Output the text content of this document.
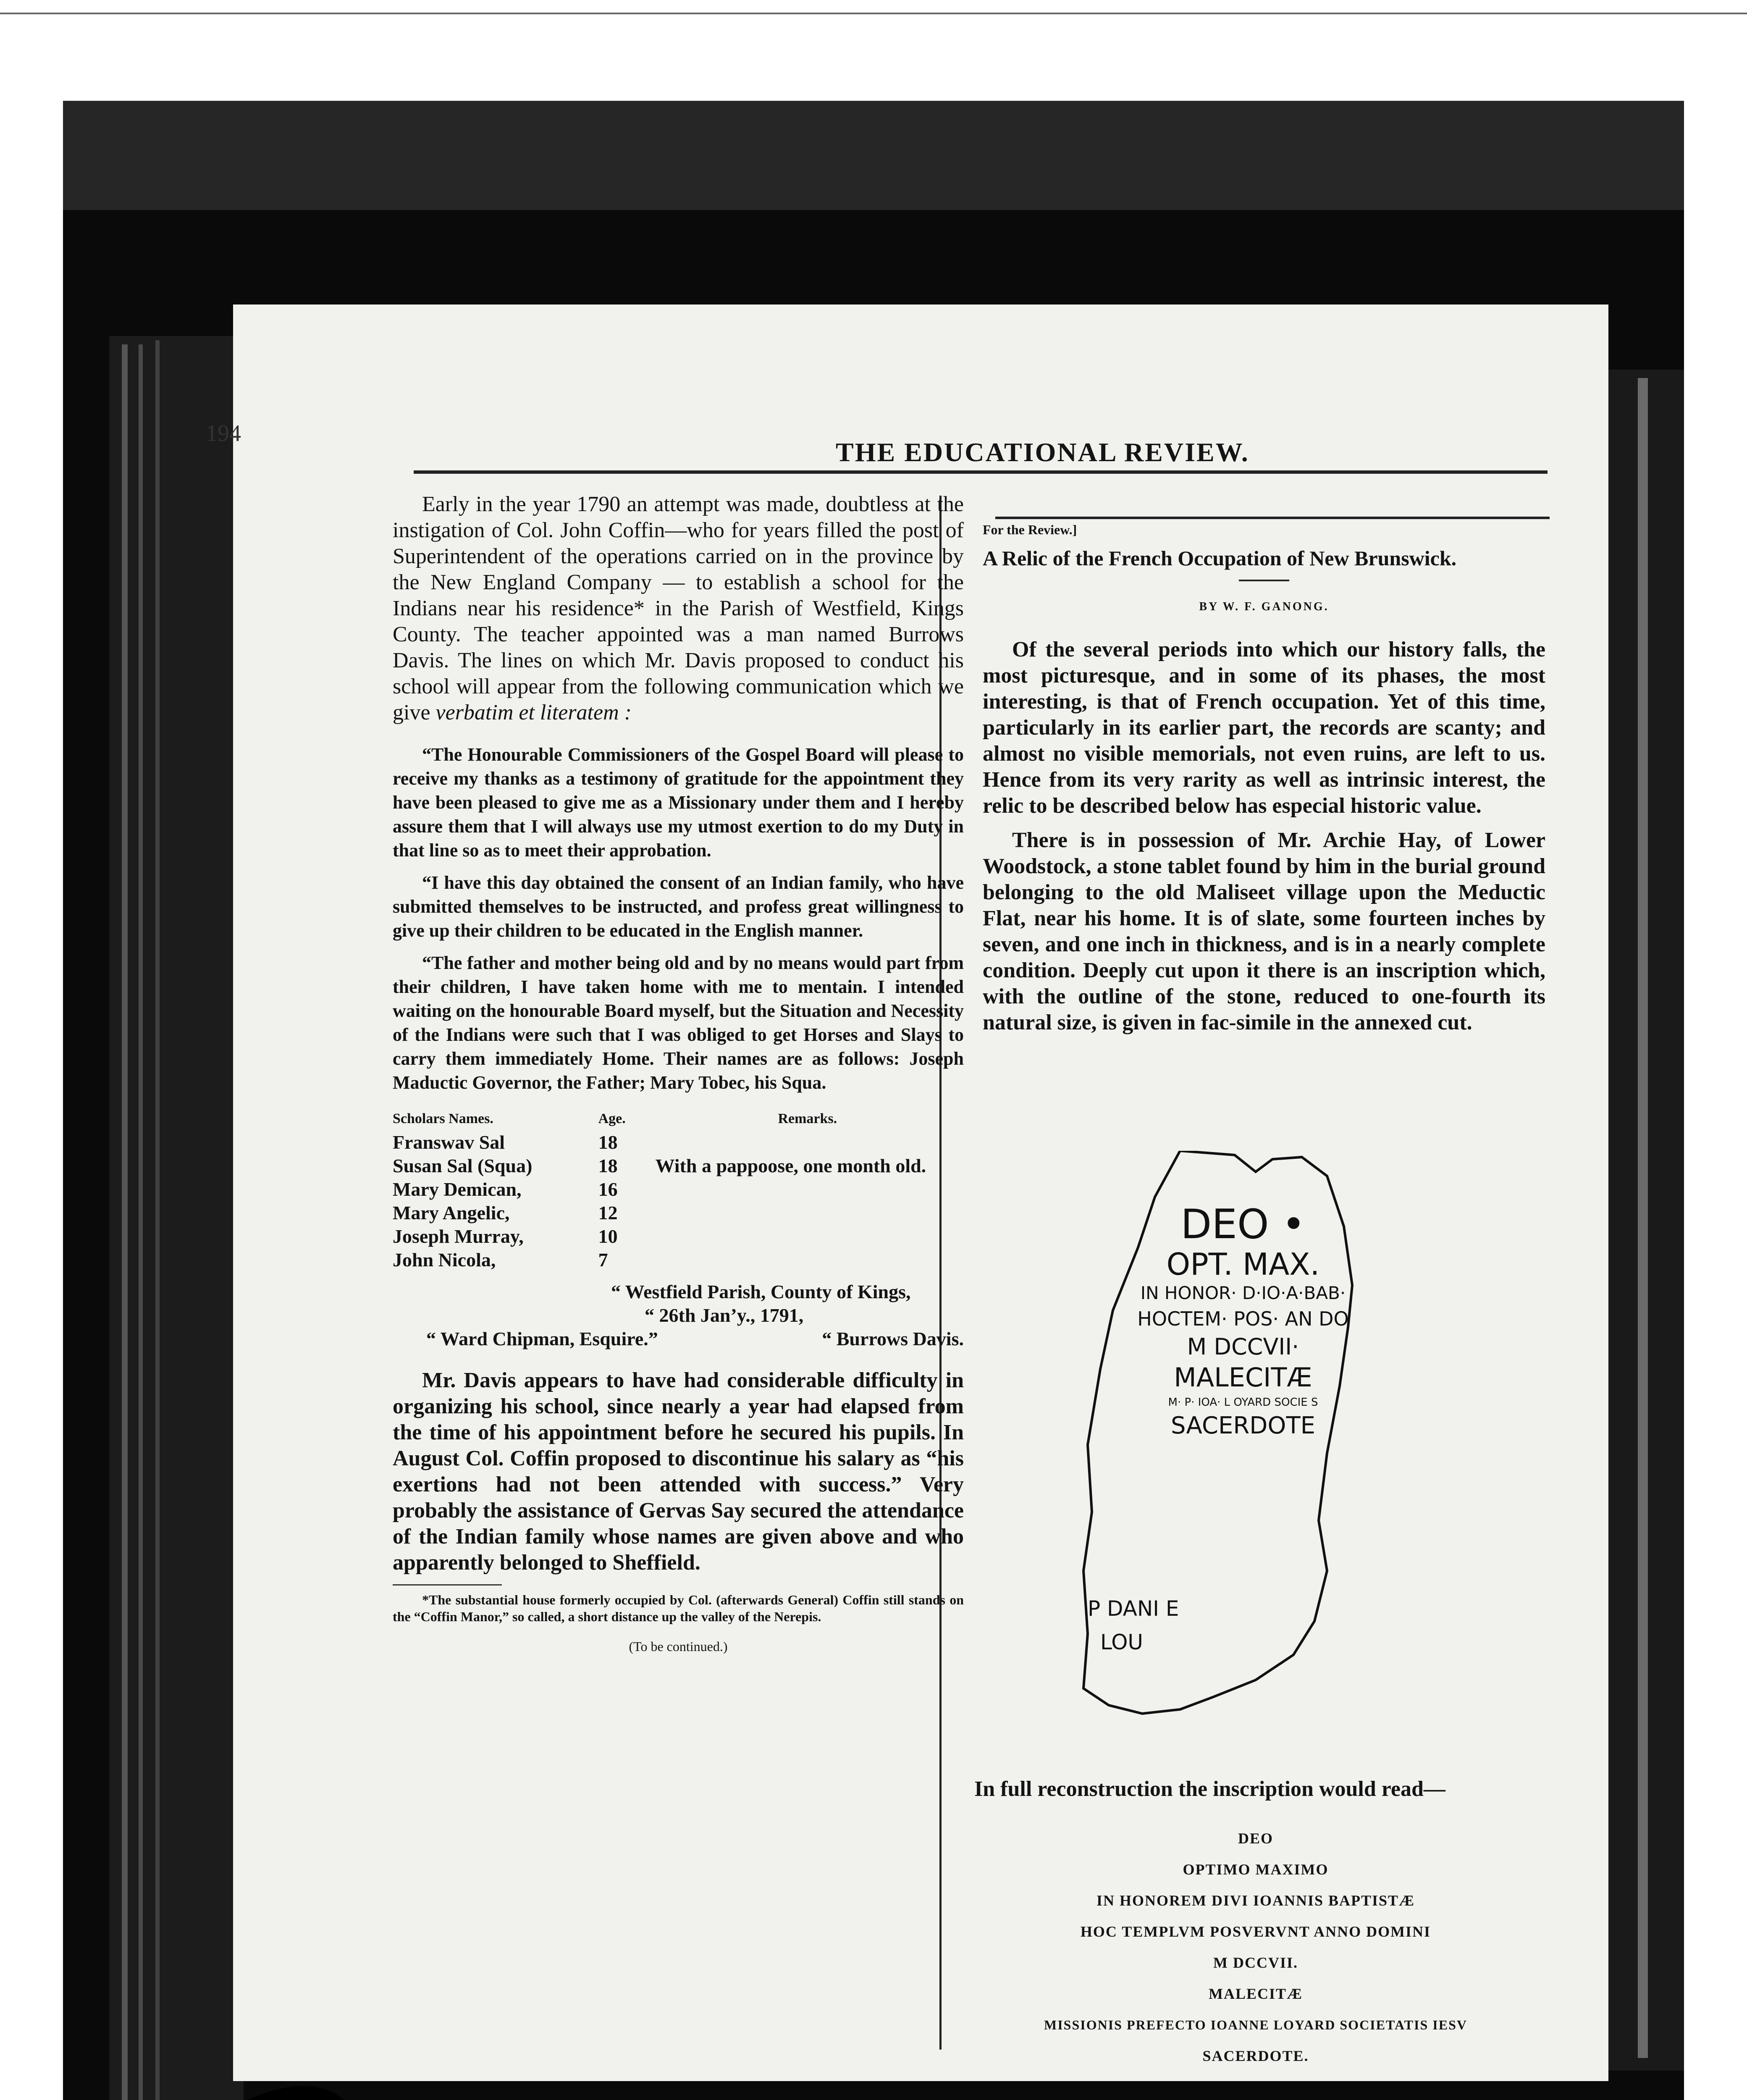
194
THE EDUCATIONAL REVIEW.

Early in the year 1790 an attempt was made, doubtless at the instigation of Col. John Coffin—who for years filled the post of Superintendent of the operations carried on in the province by the New England Company — to establish a school for the Indians near his residence* in the Parish of Westfield, Kings County. The teacher appointed was a man named Burrows Davis. The lines on which Mr. Davis proposed to conduct his school will appear from the following communication which we give verbatim et literatem :

“The Honourable Commissioners of the Gospel Board will please to receive my thanks as a testimony of gratitude for the appointment they have been pleased to give me as a Missionary under them and I hereby assure them that I will always use my utmost exertion to do my Duty in that line so as to meet their approbation.

“I have this day obtained the consent of an Indian family, who have submitted themselves to be instructed, and profess great willingness to give up their children to be educated in the English manner.

“The father and mother being old and by no means would part from their children, I have taken home with me to mentain. I intended waiting on the honourable Board myself, but the Situation and Necessity of the Indians were such that I was obliged to get Horses and Slays to carry them immediately Home. Their names are as follows: Joseph Maductic Governor, the Father; Mary Tobec, his Squa.

Scholars Names.	Age.	Remarks.
Franswav Sal	18	
Susan Sal (Squa)	18	With a pappoose, one month old.
Mary Demican,	16	
Mary Angelic,	12	
Joseph Murray,	10	
John Nicola,	7	
“ Westfield Parish, County of Kings,
“ 26th Jan’y., 1791,
“ Ward Chipman, Esquire.”	“ Burrows Davis.

Mr. Davis appears to have had considerable difficulty in organizing his school, since nearly a year had elapsed from the time of his appointment before he secured his pupils. In August Col. Coffin proposed to discontinue his salary as “his exertions had not been attended with success.” Very probably the assistance of Gervas Say secured the attendance of the Indian family whose names are given above and who apparently belonged to Sheffield.

*The substantial house formerly occupied by Col. (afterwards General) Coffin still stands on the “Coffin Manor,” so called, a short distance up the valley of the Nerepis.

(To be continued.)
For the Review.]
A Relic of the French Occupation of New Brunswick.
BY W. F. GANONG.

Of the several periods into which our history falls, the most picturesque, and in some of its phases, the most interesting, is that of French occupation. Yet of this time, particularly in its earlier part, the records are scanty; and almost no visible memorials, not even ruins, are left to us. Hence from its very rarity as well as intrinsic interest, the relic to be described below has especial historic value.

There is in possession of Mr. Archie Hay, of Lower Woodstock, a stone tablet found by him in the burial ground belonging to the old Maliseet village upon the Meductic Flat, near his home. It is of slate, some fourteen inches by seven, and one inch in thickness, and is in a nearly complete condition. Deeply cut upon it there is an inscription which, with the outline of the stone, reduced to one-fourth its natural size, is given in fac-simile in the annexed cut.

DEO •
OPT. MAX.
IN HONOR· D·IO·A·BAB·
HOCTEM· POS· AN DO
M DCCVII·
MALECITÆ
M· P· IOA· L OYARD SOCIE S
SACERDOTE
P DANI E
LOU
In full reconstruction the inscription would read—
DEO
OPTIMO MAXIMO
IN HONOREM DIVI IOANNIS BAPTISTÆ
HOC TEMPLVM POSVERVNT ANNO DOMINI
M DCCVII.
MALECITÆ
MISSIONIS PREFECTO IOANNE LOYARD SOCIETATIS IESV
SACERDOTE.
